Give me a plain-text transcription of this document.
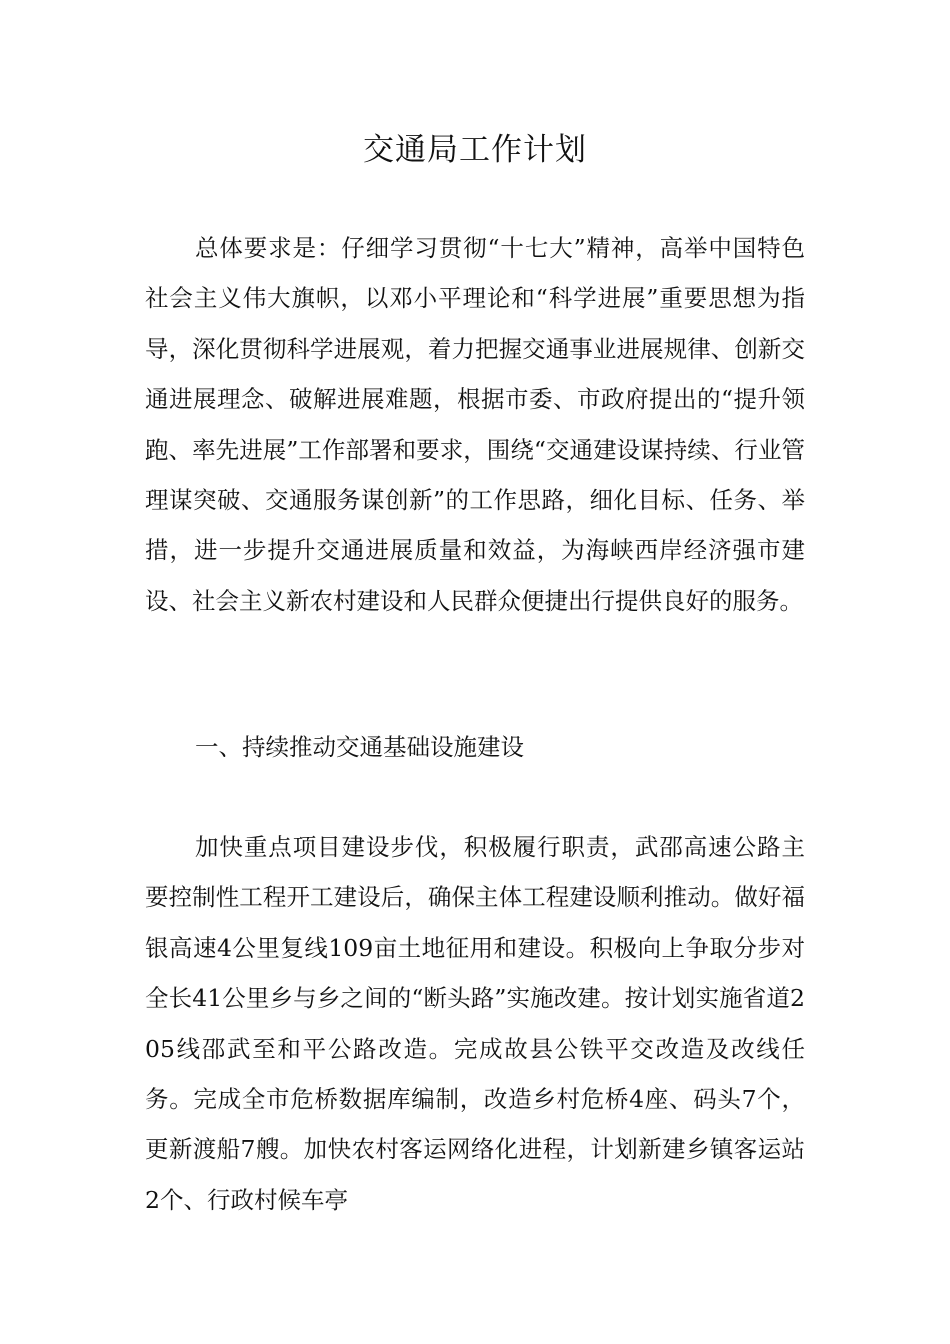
交通局工作计划

总体要求是：仔细学习贯彻“十七大”精神，高举中国特色社会主义伟大旗帜，以邓小平理论和“科学进展”重要思想为指导，深化贯彻科学进展观，着力把握交通事业进展规律、创新交通进展理念、破解进展难题，根据市委、市政府提出的“提升领跑、率先进展”工作部署和要求，围绕“交通建设谋持续、行业管理谋突破、交通服务谋创新”的工作思路，细化目标、任务、举措，进一步提升交通进展质量和效益，为海峡西岸经济强市建设、社会主义新农村建设和人民群众便捷出行提供良好的服务。

一、持续推动交通基础设施建设

加快重点项目建设步伐，积极履行职责，武邵高速公路主要控制性工程开工建设后，确保主体工程建设顺利推动。做好福银高速4公里复线109亩土地征用和建设。积极向上争取分步对全长41公里乡与乡之间的“断头路”实施改建。按计划实施省道205线邵武至和平公路改造。完成故县公铁平交改造及改线任务。完成全市危桥数据库编制，改造乡村危桥4座、码头7个，更新渡船7艘。加快农村客运网络化进程，计划新建乡镇客运站2个、行政村候车亭
